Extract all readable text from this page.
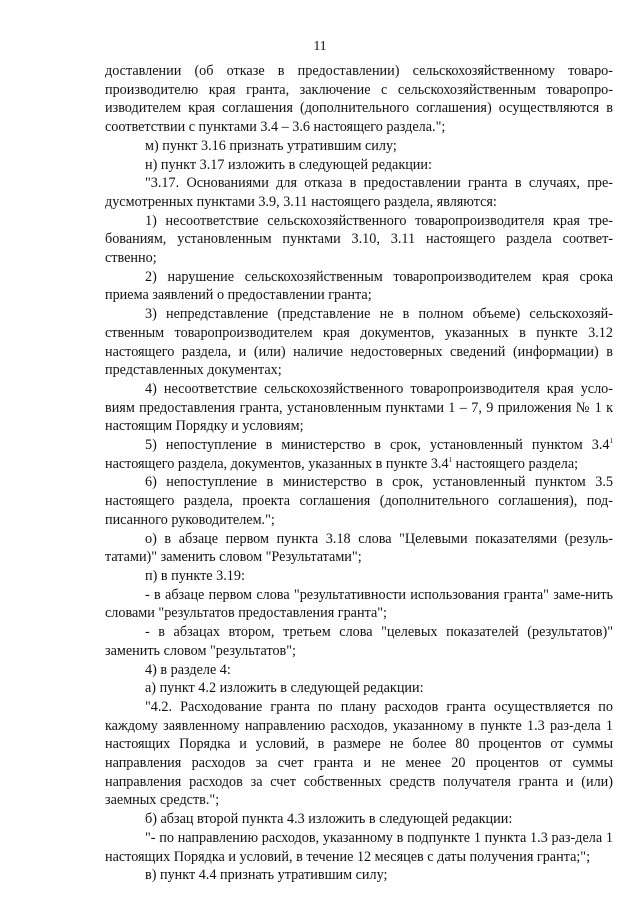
11

доставлении (об отказе в предоставлении) сельскохозяйственному товаро-производителю края гранта, заключение с сельскохозяйственным товаропро-изводителем края соглашения (дополнительного соглашения) осуществляются в соответствии с пунктами 3.4 – 3.6 настоящего раздела.";

м) пункт 3.16 признать утратившим силу;

н) пункт 3.17 изложить в следующей редакции:

"3.17. Основаниями для отказа в предоставлении гранта в случаях, пре-дусмотренных пунктами 3.9, 3.11 настоящего раздела, являются:

1) несоответствие сельскохозяйственного товаропроизводителя края тре-бованиям, установленным пунктами 3.10, 3.11 настоящего раздела соответ-ственно;

2) нарушение сельскохозяйственным товаропроизводителем края срока приема заявлений о предоставлении гранта;

3) непредставление (представление не в полном объеме) сельскохозяй-ственным товаропроизводителем края документов, указанных в пункте 3.12 настоящего раздела, и (или) наличие недостоверных сведений (информации) в представленных документах;

4) несоответствие сельскохозяйственного товаропроизводителя края усло-виям предоставления гранта, установленным пунктами 1 – 7, 9 приложения № 1 к настоящим Порядку и условиям;

5) непоступление в министерство в срок, установленный пунктом $3.4^1$ настоящего раздела, документов, указанных в пункте $3.4^1$ настоящего раздела;

6) непоступление в министерство в срок, установленный пунктом 3.5 настоящего раздела, проекта соглашения (дополнительного соглашения), под-писанного руководителем.";

о) в абзаце первом пункта 3.18 слова "Целевыми показателями (резуль-татами)" заменить словом "Результатами";

п) в пункте 3.19:

- в абзаце первом слова "результативности использования гранта" заме-нить словами "результатов предоставления гранта";

- в абзацах втором, третьем слова "целевых показателей (результатов)" заменить словом "результатов";

4) в разделе 4:

а) пункт 4.2 изложить в следующей редакции:

"4.2. Расходование гранта по плану расходов гранта осуществляется по каждому заявленному направлению расходов, указанному в пункте 1.3 раз-дела 1 настоящих Порядка и условий, в размере не более 80 процентов от суммы направления расходов за счет гранта и не менее 20 процентов от суммы направления расходов за счет собственных средств получателя гранта и (или) заемных средств.";

б) абзац второй пункта 4.3 изложить в следующей редакции:

"- по направлению расходов, указанному в подпункте 1 пункта 1.3 раз-дела 1 настоящих Порядка и условий, в течение 12 месяцев с даты получения гранта;";

в) пункт 4.4 признать утратившим силу;
